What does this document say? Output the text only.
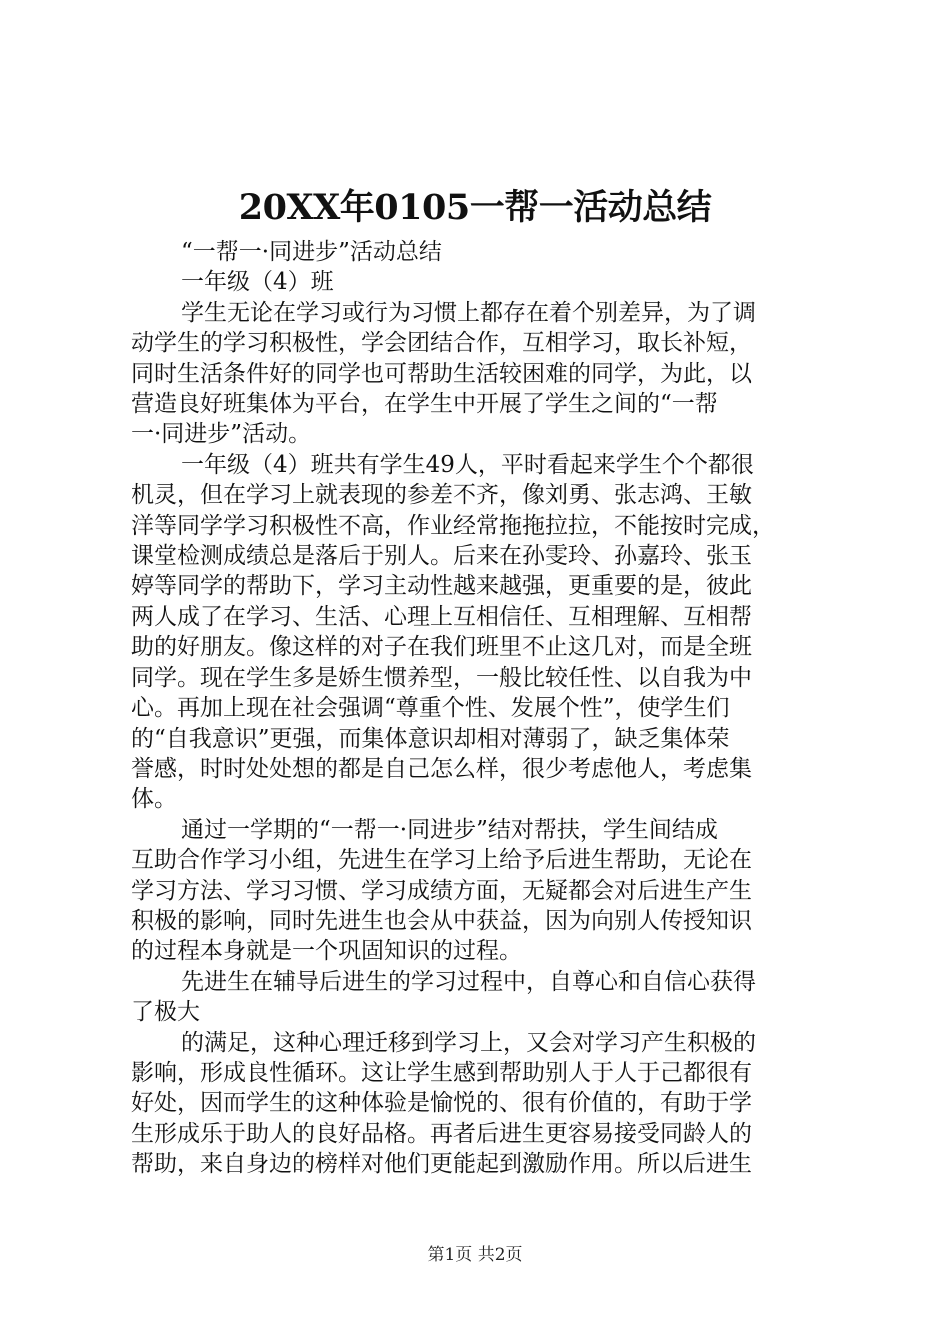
20XX年0105一帮一活动总结
“一帮一·同进步”活动总结
一年级（4）班
学生无论在学习或行为习惯上都存在着个别差异，为了调
动学生的学习积极性，学会团结合作，互相学习，取长补短，
同时生活条件好的同学也可帮助生活较困难的同学，为此，以
营造良好班集体为平台，在学生中开展了学生之间的“一帮
一·同进步”活动。
一年级（4）班共有学生49人，平时看起来学生个个都很
机灵，但在学习上就表现的参差不齐，像刘勇、张志鸿、王敏
洋等同学学习积极性不高，作业经常拖拖拉拉，不能按时完成，
课堂检测成绩总是落后于别人。后来在孙雯玲、孙嘉玲、张玉
婷等同学的帮助下，学习主动性越来越强，更重要的是，彼此
两人成了在学习、生活、心理上互相信任、互相理解、互相帮
助的好朋友。像这样的对子在我们班里不止这几对，而是全班
同学。现在学生多是娇生惯养型，一般比较任性、以自我为中
心。再加上现在社会强调“尊重个性、发展个性”，使学生们
的“自我意识”更强，而集体意识却相对薄弱了，缺乏集体荣
誉感，时时处处想的都是自己怎么样，很少考虑他人，考虑集
体。
通过一学期的“一帮一·同进步”结对帮扶，学生间结成
互助合作学习小组，先进生在学习上给予后进生帮助，无论在
学习方法、学习习惯、学习成绩方面，无疑都会对后进生产生
积极的影响，同时先进生也会从中获益，因为向别人传授知识
的过程本身就是一个巩固知识的过程。
先进生在辅导后进生的学习过程中，自尊心和自信心获得
了极大
的满足，这种心理迁移到学习上，又会对学习产生积极的
影响，形成良性循环。这让学生感到帮助别人于人于己都很有
好处，因而学生的这种体验是愉悦的、很有价值的，有助于学
生形成乐于助人的良好品格。再者后进生更容易接受同龄人的
帮助，来自身边的榜样对他们更能起到激励作用。所以后进生
第1页 共2页
